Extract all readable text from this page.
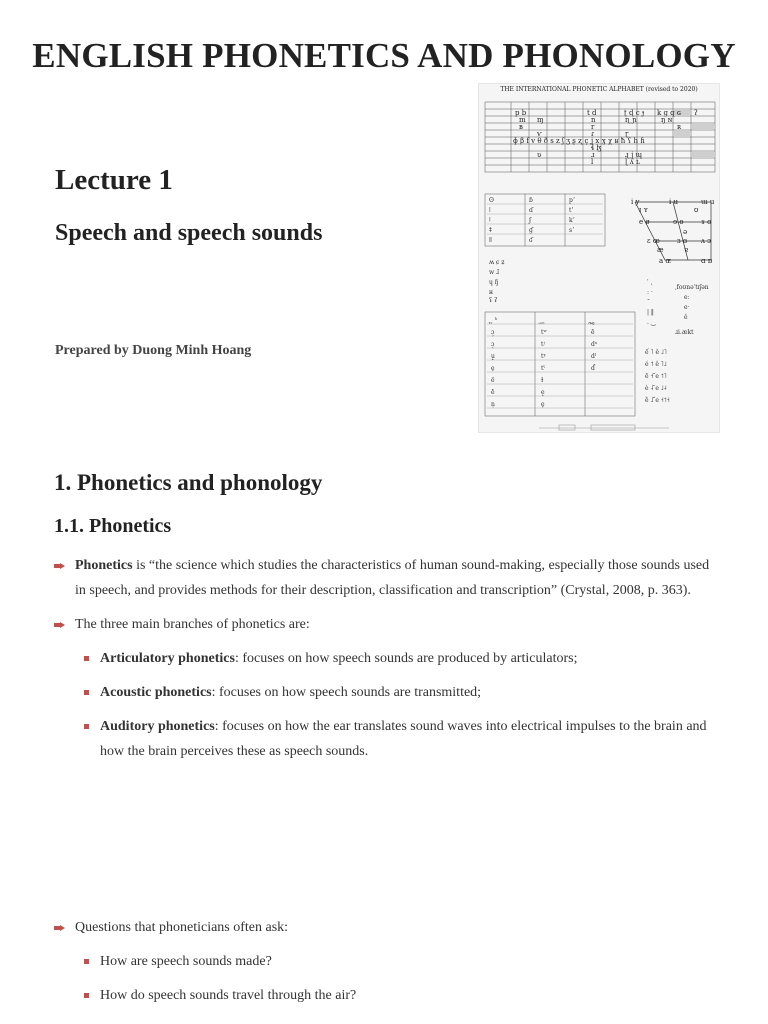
ENGLISH PHONETICS AND PHONOLOGY
Lecture 1
Speech and speech sounds
Prepared by Duong Minh Hoang
THE INTERNATIONAL PHONETIC ALPHABET (revised to 2020)
p b	t d	ʈ ɖ c ɟ k ɡ q ɢ ʔ
m ɱ	n	ɳ ɲ	ŋ ɴ
ʙ	r	ʀ
ⱱ	ɾ	ɽ
ɸ β f v θ ð s z ʃ ʒ ʂ ʐ ç ʝ x ɣ χ ʁ ħ ʕ h ɦ
ɬ ɮ
ʋ	ɹ	ɻ j ɰ
l	ɭ ʎ ʟ
ʘ	ɓ	pʼ
ǀ	ɗ	tʼ
ǃ	ʄ	kʼ
ǂ	ɠ	sʼ
ǁ	ʛ
ʍ ɕ ʑ
w ɺ
ɥ ɧ
ʜ
ʢ ʡ
̥ ̬ ʰ	̤ ̰ ̼	̪ ̺ ̻
ɔ̹	tʷ	ẽ
ɔ̜	tʲ	dⁿ
u̟	tˠ	dˡ
e̠	tˤ	d̚
ë	ɫ
e̽	e̝
n̩	e̞
i y	ɨ ʉ	ɯ u
ɪ ʏ	ʊ
e ø	ɘ ɵ ɤ o
ə
ɛ œ ɜ ɞ ʌ ɔ
æ	ɐ
a ɶ	ɑ ɒ
ˈ ˌ
ː ˑ
˘
| ‖
. ‿
ˌfoʊnəˈtɪʃən
eː
eˑ
ĕ
ɹi.ækt
ế ˥ ě ˩˥
é ˦ ê ˥˩
ē ˧ ᷄e ˦˥
è ˨ ᷅e ˩˨
ȅ ˩ ᷈e ˧˦˧
1. Phonetics and phonology
1.1. Phonetics
Phonetics is “the science which studies the characteristics of human sound-making, especially those sounds used
in speech, and provides methods for their description, classification and transcription” (Crystal, 2008, p. 363).
The three main branches of phonetics are:
Articulatory phonetics: focuses on how speech sounds are produced by articulators;
Acoustic phonetics: focuses on how speech sounds are transmitted;
Auditory phonetics: focuses on how the ear translates sound waves into electrical impulses to the brain and
how the brain perceives these as speech sounds.
Questions that phoneticians often ask:
How are speech sounds made?
How do speech sounds travel through the air?
